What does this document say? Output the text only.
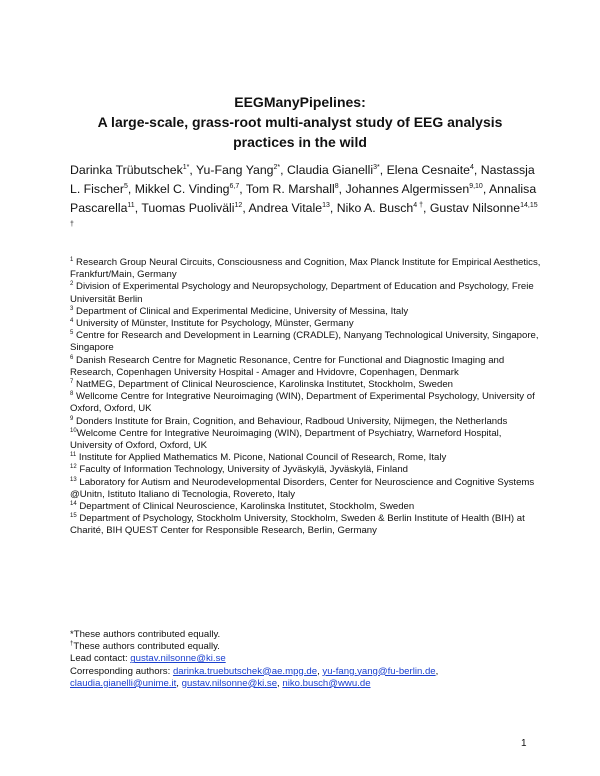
EEGManyPipelines:
A large-scale, grass-root multi-analyst study of EEG analysis
practices in the wild
Darinka Trübutschek$^{1*}$, Yu-Fang Yang$^{2*}$, Claudia Gianelli$^{3*}$, Elena Cesnaite$^4$, Nastassja L. Fischer$^5$, Mikkel C. Vinding$^{6,7}$, Tom R. Marshall$^8$, Johannes Algermissen$^{9,10}$, Annalisa Pascarella$^{11}$, Tuomas Puoliväli$^{12}$, Andrea Vitale$^{13}$, Niko A. Busch$^{4 \dagger}$, Gustav Nilsonne$^{14,15 \dagger}$
$^1$ Research Group Neural Circuits, Consciousness and Cognition, Max Planck Institute for Empirical Aesthetics, Frankfurt/Main, Germany
$^2$ Division of Experimental Psychology and Neuropsychology, Department of Education and Psychology, Freie Universität Berlin
$^3$ Department of Clinical and Experimental Medicine, University of Messina, Italy
$^4$ University of Münster, Institute for Psychology, Münster, Germany
$^5$ Centre for Research and Development in Learning (CRADLE), Nanyang Technological University, Singapore, Singapore
$^6$ Danish Research Centre for Magnetic Resonance, Centre for Functional and Diagnostic Imaging and Research, Copenhagen University Hospital - Amager and Hvidovre, Copenhagen, Denmark
$^7$ NatMEG, Department of Clinical Neuroscience, Karolinska Institutet, Stockholm, Sweden
$^8$ Wellcome Centre for Integrative Neuroimaging (WIN), Department of Experimental Psychology, University of Oxford, Oxford, UK
$^9$ Donders Institute for Brain, Cognition, and Behaviour, Radboud University, Nijmegen, the Netherlands
$^{10}$Welcome Centre for Integrative Neuroimaging (WIN), Department of Psychiatry, Warneford Hospital, University of Oxford, Oxford, UK
$^{11}$ Institute for Applied Mathematics M. Picone, National Council of Research, Rome, Italy
$^{12}$ Faculty of Information Technology, University of Jyväskylä, Jyväskylä, Finland
$^{13}$ Laboratory for Autism and Neurodevelopmental Disorders, Center for Neuroscience and Cognitive Systems @Unitn, Istituto Italiano di Tecnologia, Rovereto, Italy
$^{14}$ Department of Clinical Neuroscience, Karolinska Institutet, Stockholm, Sweden
$^{15}$ Department of Psychology, Stockholm University, Stockholm, Sweden & Berlin Institute of Health (BIH) at Charité, BIH QUEST Center for Responsible Research, Berlin, Germany
*These authors contributed equally.
†These authors contributed equally.
Lead contact: gustav.nilsonne@ki.se
Corresponding authors: darinka.truebutschek@ae.mpg.de, yu-fang.yang@fu-berlin.de,
claudia.gianelli@unime.it, gustav.nilsonne@ki.se, niko.busch@wwu.de
1
